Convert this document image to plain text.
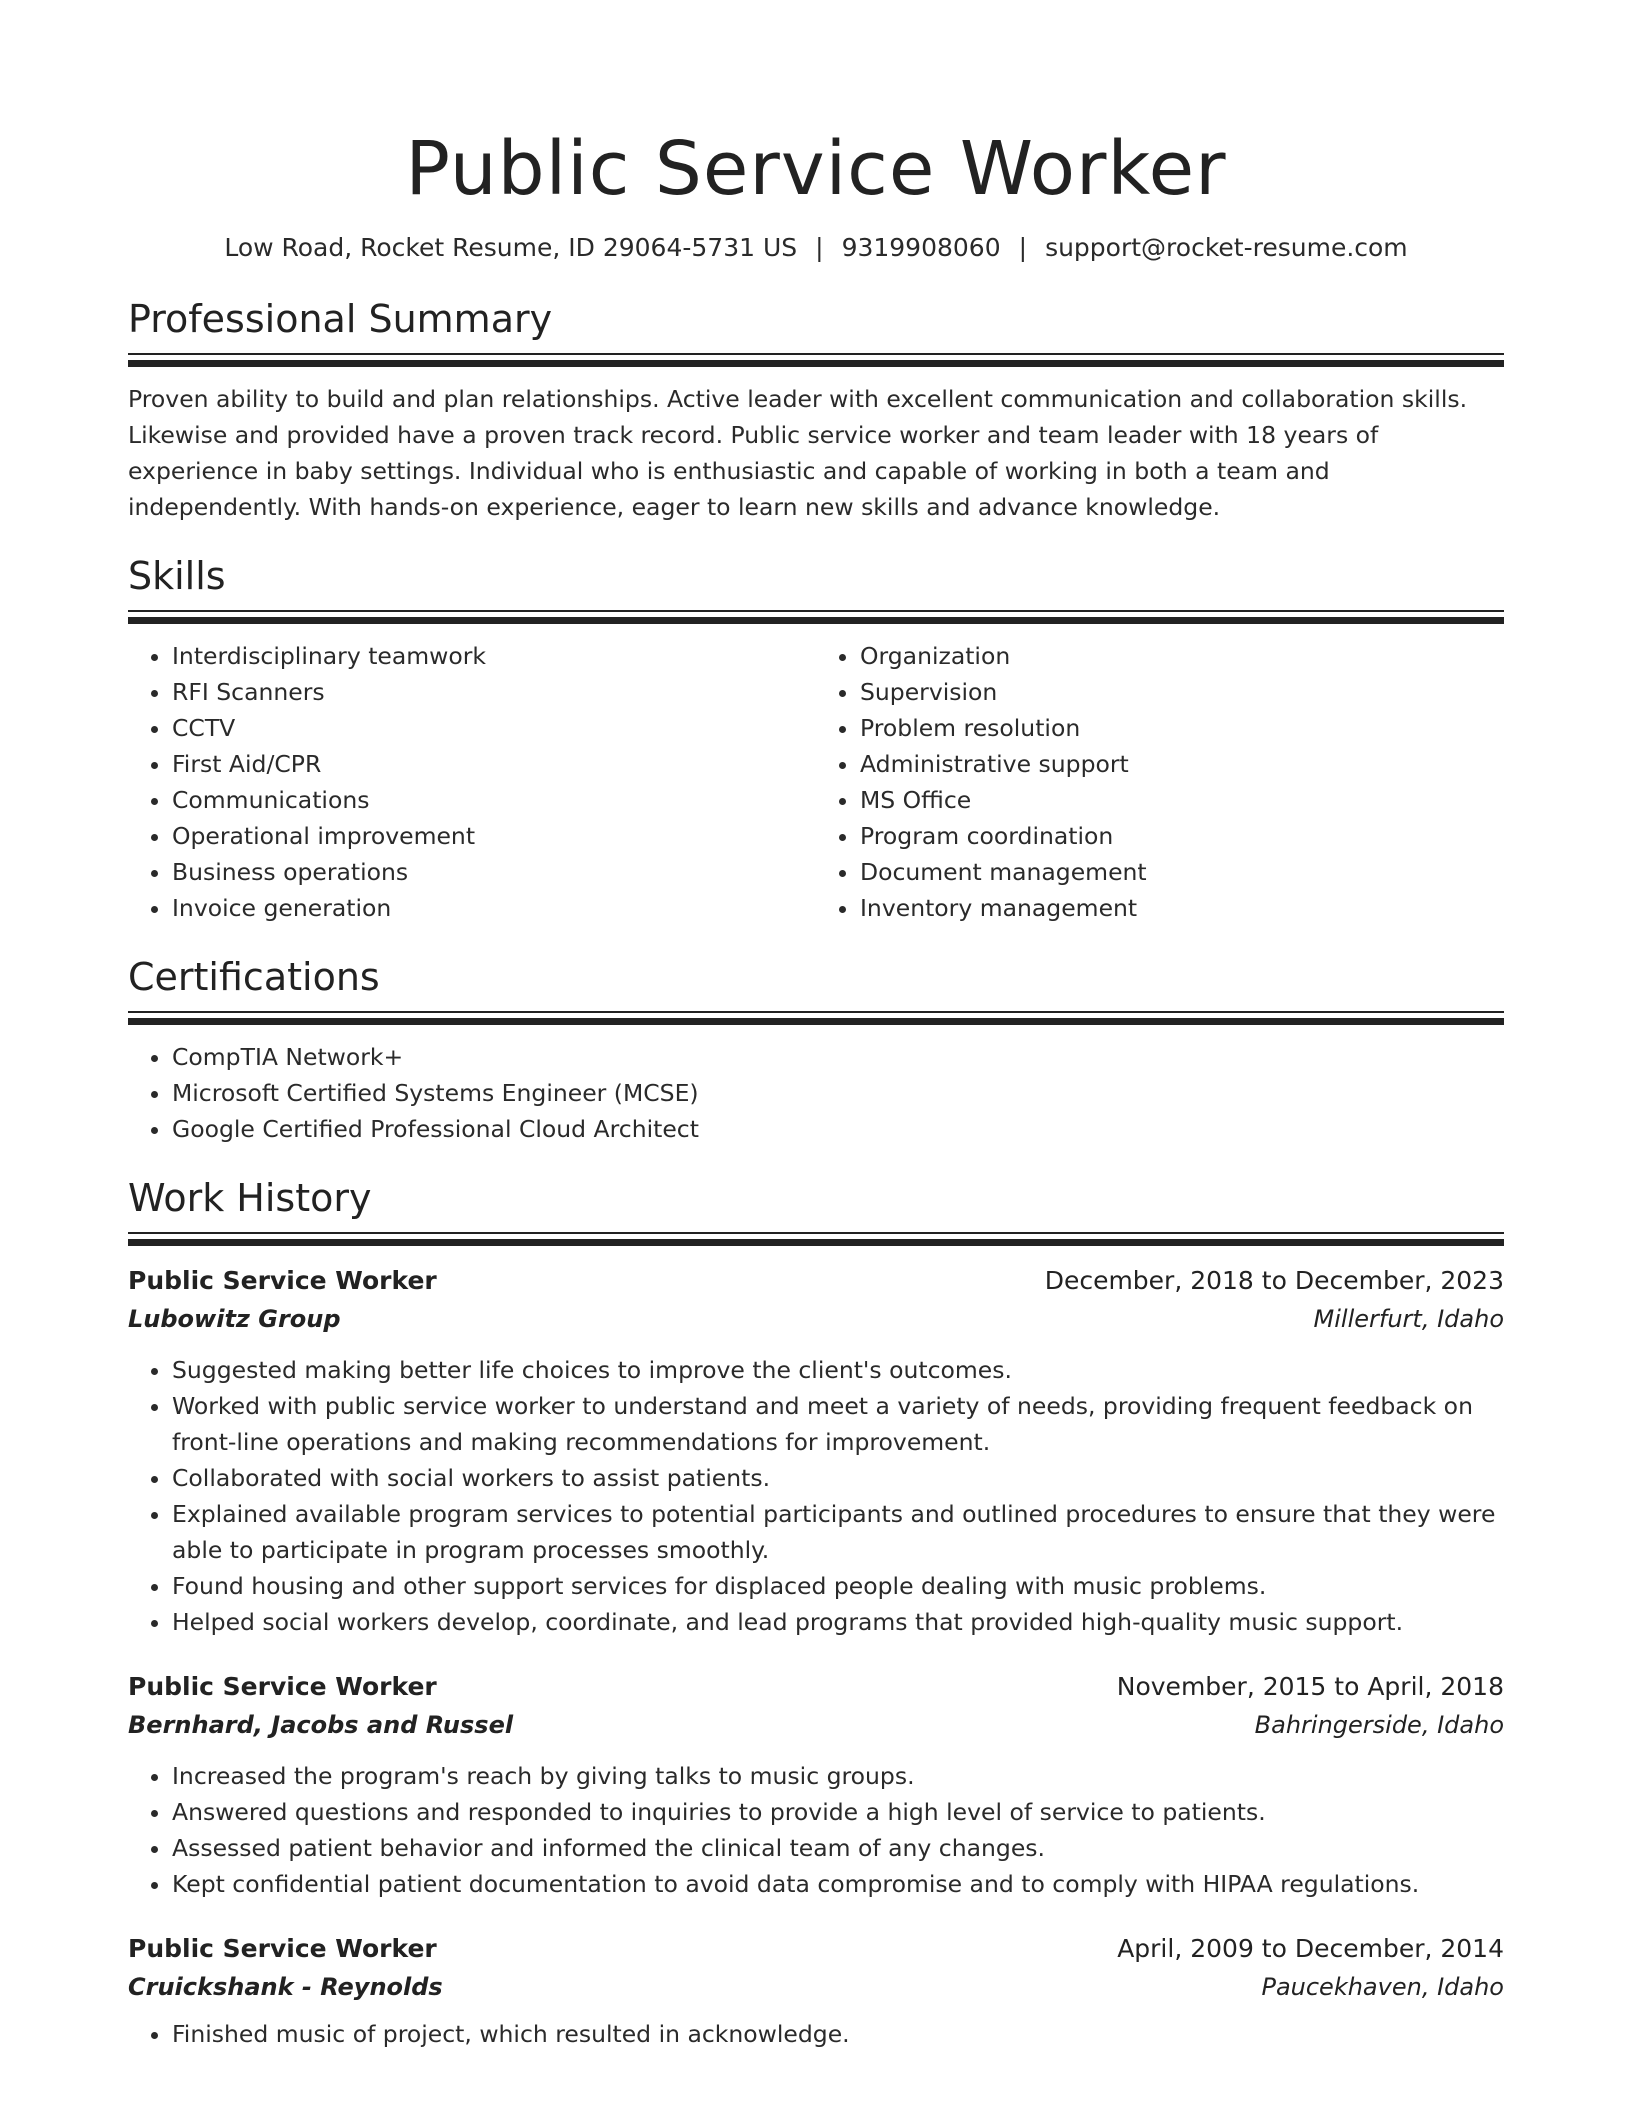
Public Service Worker
Low Road, Rocket Resume, ID 29064-5731 US | 9319908060 | support@rocket-resume.com
Professional Summary
Proven ability to build and plan relationships. Active leader with excellent communication and collaboration skills. Likewise and provided have a proven track record. Public service worker and team leader with 18 years of experience in baby settings. Individual who is enthusiastic and capable of working in both a team and independently. With hands-on experience, eager to learn new skills and advance knowledge.
Skills
• Interdisciplinary teamwork
• RFI Scanners
• CCTV
• First Aid/CPR
• Communications
• Operational improvement
• Business operations
• Invoice generation
• Organization
• Supervision
• Problem resolution
• Administrative support
• MS Office
• Program coordination
• Document management
• Inventory management
Certifications
• CompTIA Network+
• Microsoft Certified Systems Engineer (MCSE)
• Google Certified Professional Cloud Architect
Work History
Public Service Worker	December, 2018 to December, 2023
Lubowitz Group	Millerfurt, Idaho
• Suggested making better life choices to improve the client's outcomes.
• Worked with public service worker to understand and meet a variety of needs, providing frequent feedback on front-line operations and making recommendations for improvement.
• Collaborated with social workers to assist patients.
• Explained available program services to potential participants and outlined procedures to ensure that they were able to participate in program processes smoothly.
• Found housing and other support services for displaced people dealing with music problems.
• Helped social workers develop, coordinate, and lead programs that provided high-quality music support.
Public Service Worker	November, 2015 to April, 2018
Bernhard, Jacobs and Russel	Bahringerside, Idaho
• Increased the program's reach by giving talks to music groups.
• Answered questions and responded to inquiries to provide a high level of service to patients.
• Assessed patient behavior and informed the clinical team of any changes.
• Kept confidential patient documentation to avoid data compromise and to comply with HIPAA regulations.
Public Service Worker	April, 2009 to December, 2014
Cruickshank - Reynolds	Paucekhaven, Idaho
• Finished music of project, which resulted in acknowledge.
